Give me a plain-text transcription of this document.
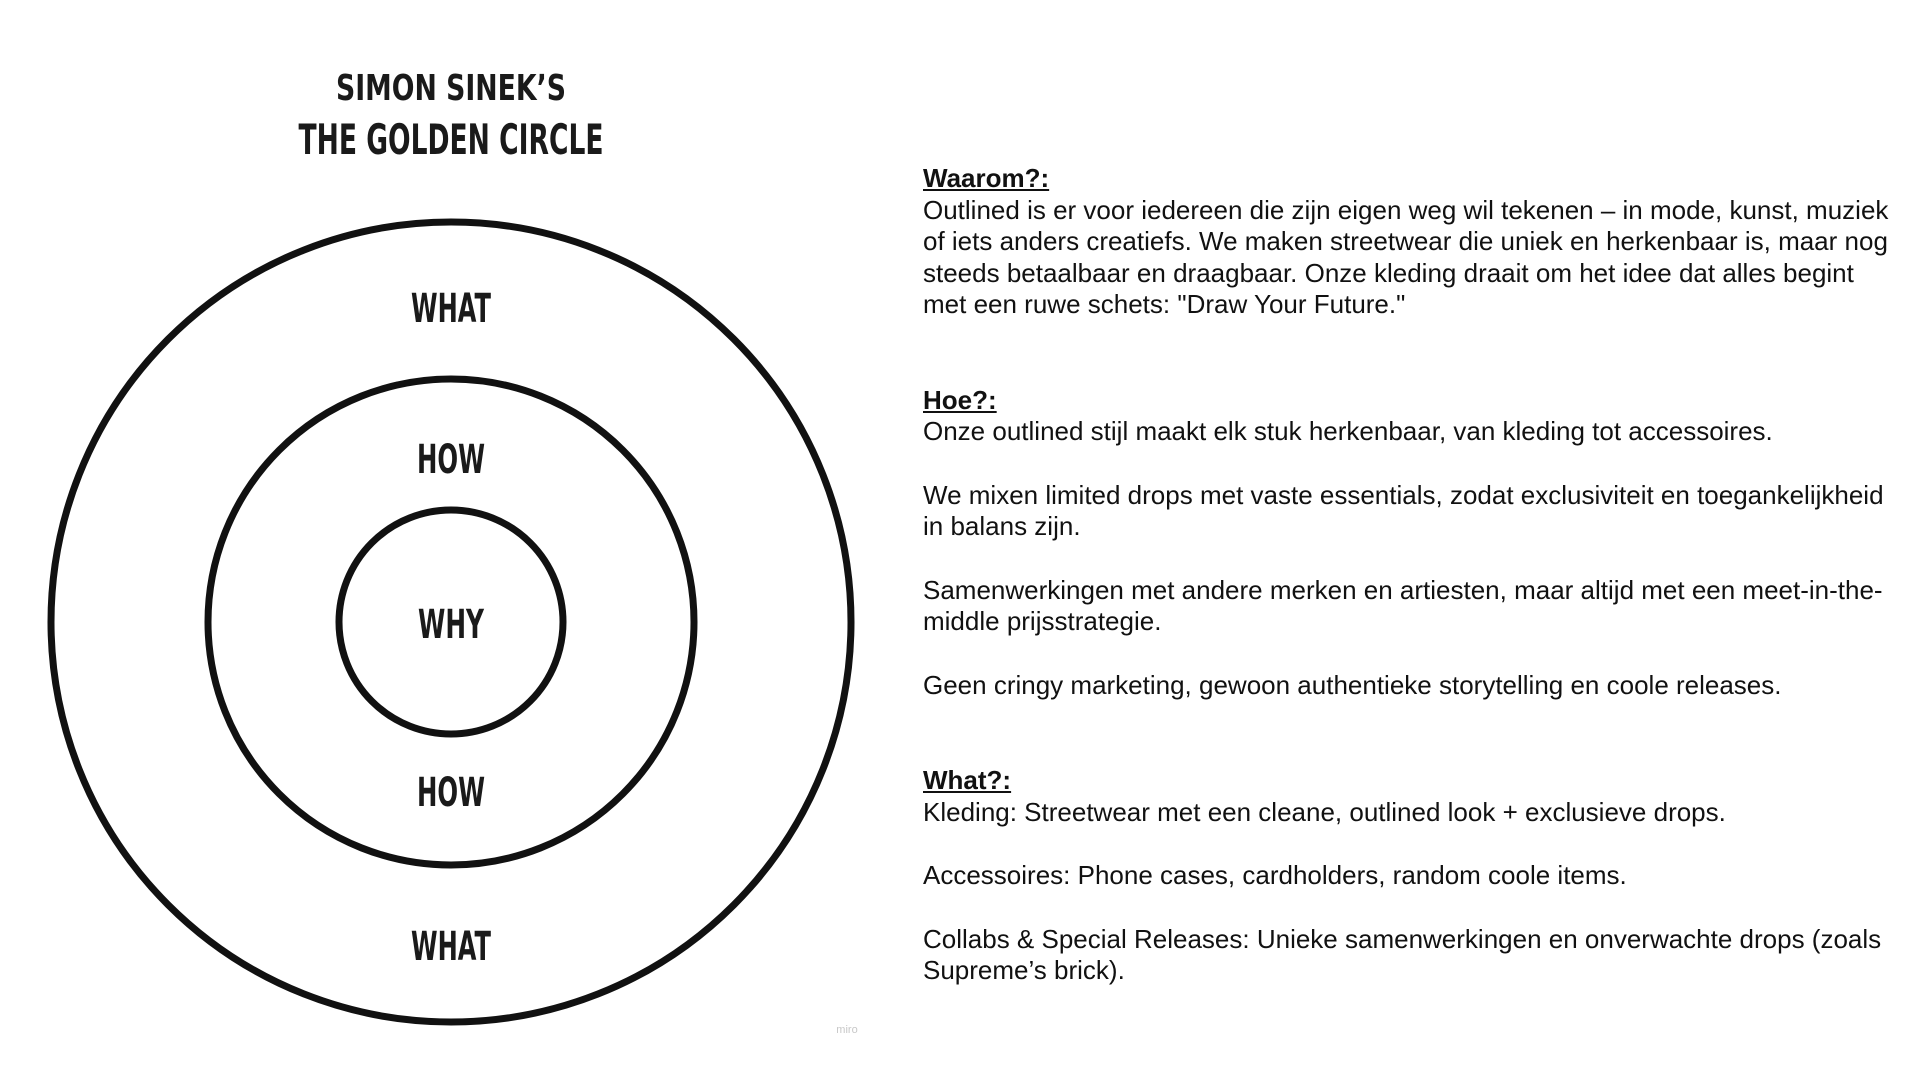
SIMON SINEK’S
THE GOLDEN CIRCLE
WHAT
HOW
WHY
HOW
WHAT
miro

Waarom?:

Outlined is er voor iedereen die zijn eigen weg wil tekenen – in mode, kunst, muziek of iets anders creatiefs. We maken streetwear die uniek en herkenbaar is, maar nog steeds betaalbaar en draagbaar. Onze kleding draait om het idee dat alles begint met een ruwe schets: "Draw Your Future."

Hoe?:

Onze outlined stijl maakt elk stuk herkenbaar, van kleding tot accessoires.

We mixen limited drops met vaste essentials, zodat exclusiviteit en toegankelijkheid in balans zijn.

Samenwerkingen met andere merken en artiesten, maar altijd met een meet-in-the-middle prijsstrategie.

Geen cringy marketing, gewoon authentieke storytelling en coole releases.

What?:

Kleding: Streetwear met een cleane, outlined look + exclusieve drops.

Accessoires: Phone cases, cardholders, random coole items.

Collabs & Special Releases: Unieke samenwerkingen en onverwachte drops (zoals Supreme’s brick).
